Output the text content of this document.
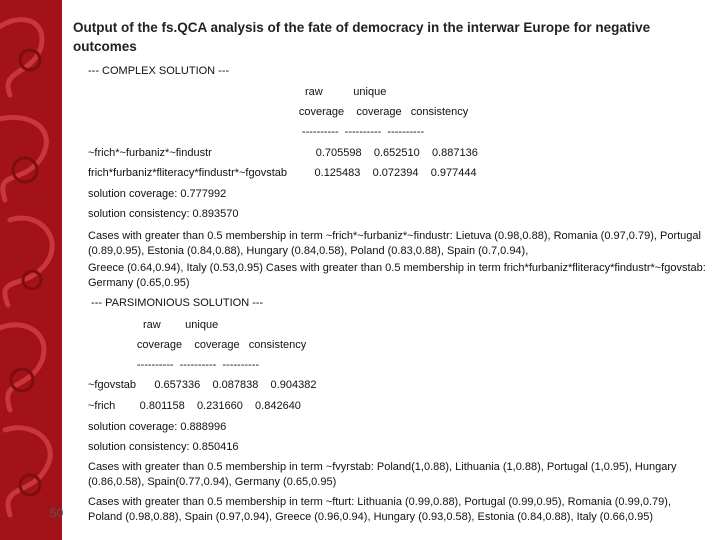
Output of the fs.QCA analysis of the fate of democracy in the interwar Europe for negative outcomes
--- COMPLEX SOLUTION ---
raw          unique
coverage    coverage   consistency
----------  ----------  ----------
~frich*~furbaniz*~findustr                                  0.705598    0.652510    0.887136
frich*furbaniz*fliteracy*findustr*~fgovstab         0.125483    0.072394    0.977444
solution coverage: 0.777992
solution consistency: 0.893570
Cases with greater than 0.5 membership in term ~frich*~furbaniz*~findustr: Lietuva (0.98,0.88), Romania (0.97,0.79), Portugal (0.89,0.95), Estonia (0.84,0.88), Hungary (0.84,0.58), Poland (0.83,0.88), Spain (0.7,0.94),
Greece (0.64,0.94), Italy (0.53,0.95) Cases with greater than 0.5 membership in term frich*furbaniz*fliteracy*findustr*~fgovstab: Germany (0.65,0.95)
--- PARSIMONIOUS SOLUTION ---
raw        unique
coverage    coverage   consistency
----------  ----------  ----------
~fgovstab      0.657336    0.087838    0.904382
~frich        0.801158    0.231660    0.842640
solution coverage: 0.888996
solution consistency: 0.850416
Cases with greater than 0.5 membership in term ~fvyrstab: Poland(1,0.88), Lithuania (1,0.88), Portugal (1,0.95), Hungary (0.86,0.58), Spain(0.77,0.94), Germany (0.65,0.95)
Cases with greater than 0.5 membership in term ~fturt: Lithuania (0.99,0.88), Portugal (0.99,0.95), Romania (0.99,0.79), Poland (0.98,0.88), Spain (0.97,0.94), Greece (0.96,0.94), Hungary (0.93,0.58), Estonia (0.84,0.88), Italy (0.66,0.95)
50
